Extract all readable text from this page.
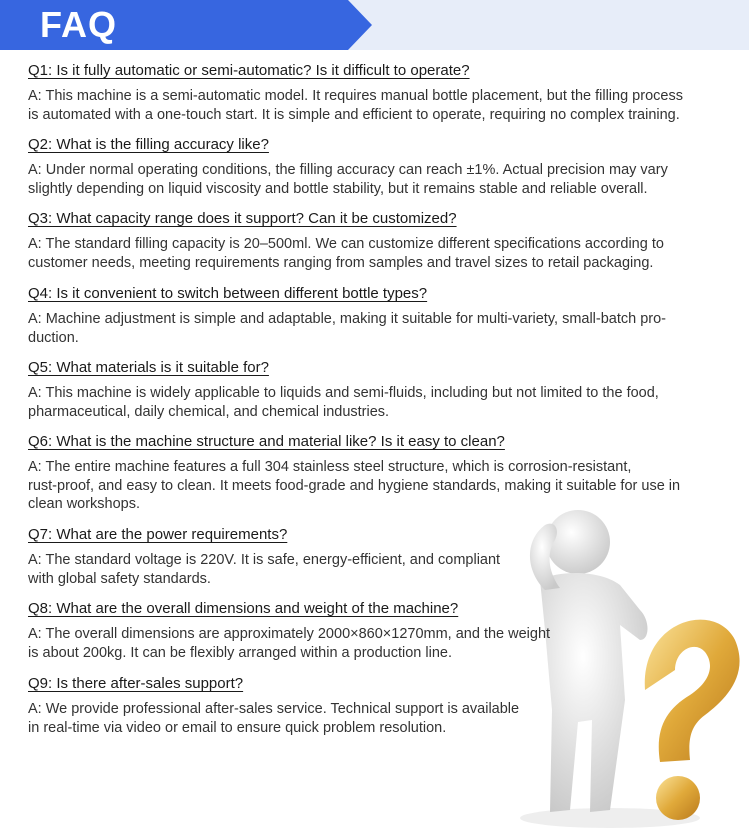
FAQ
Q1: Is it fully automatic or semi-automatic? Is it difficult to operate?
A: This machine is a semi-automatic model. It requires manual bottle placement, but the filling process
is automated with a one-touch start. It is simple and efficient to operate, requiring no complex training.
Q2: What is the filling accuracy like?
A: Under normal operating conditions, the filling accuracy can reach ±1%. Actual precision may vary
slightly depending on liquid viscosity and bottle stability, but it remains stable and reliable overall.
Q3: What capacity range does it support? Can it be customized?
A: The standard filling capacity is 20–500ml. We can customize different specifications according to
customer needs, meeting requirements ranging from samples and travel sizes to retail packaging.
Q4: Is it convenient to switch between different bottle types?
A: Machine adjustment is simple and adaptable, making it suitable for multi-variety, small-batch pro-
duction.
Q5: What materials is it suitable for?
A: This machine is widely applicable to liquids and semi-fluids, including but not limited to the food,
pharmaceutical, daily chemical, and chemical industries.
Q6: What is the machine structure and material like? Is it easy to clean?
A: The entire machine features a full 304 stainless steel structure, which is corrosion-resistant,
rust-proof, and easy to clean. It meets food-grade and hygiene standards, making it suitable for use in
clean workshops.
Q7: What are the power requirements?
A: The standard voltage is 220V. It is safe, energy-efficient, and compliant
with global safety standards.
Q8: What are the overall dimensions and weight of the machine?
A: The overall dimensions are approximately 2000×860×1270mm, and the weight
is about 200kg. It can be flexibly arranged within a production line.
Q9: Is there after-sales support?
A: We provide professional after-sales service. Technical support is available
in real-time via video or email to ensure quick problem resolution.
